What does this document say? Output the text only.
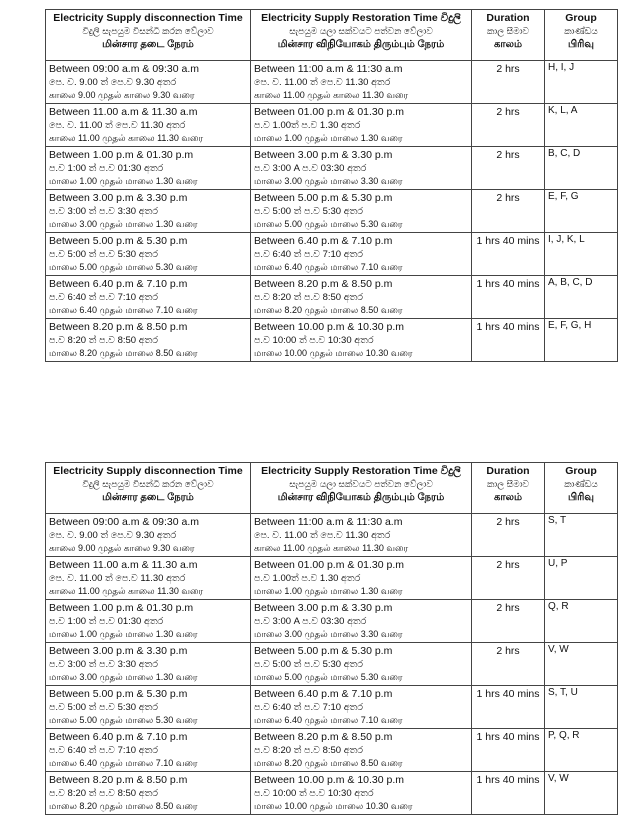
Electricity Supply disconnection Time
විදුලි සැපයුම විසන්ධි කරන වේලාව
மின்சார தடை நேரம்	Electricity Supply Restoration Time විදුලි
සැපයුම යලා සක්වයට පත්වන වේලාව
மின்சார விநியோகம் திரும்பும் நேரம்	Duration
කාල සීමාව
காலம்	Group
කාණ්ඩය
பிரிவு

Between 09:00 a.m & 09:30 a.m
පෙ. ව. 9.00 ත් පෙ.ව 9.30 අතර
காலை 9.00 முதல் காலை 9.30 வரை	Between 11:00 a.m & 11:30 a.m
පෙ. ව. 11.00 ත් පෙ.ව 11.30 අතර
காலை 11.00 முதல் காலை 11.30 வரை	2 hrs	H, I, J

Between 11.00 a.m & 11.30 a.m
පෙ. ව. 11.00 ත් පෙ.ව 11.30 අතර
காலை 11.00 முதல் காலை 11.30 வரை	Between 01.00 p.m & 01.30 p.m
ප.ව 1.00ත් ප.ව 1.30 අතර
மாலை 1.00 முதல் மாலை 1.30 வரை	2 hrs	K, L, A

Between 1.00 p.m & 01.30 p.m
ප.ව 1:00 ත් ප.ව 01:30 අතර
மாலை 1.00 முதல் மாலை 1.30 வரை	Between 3.00 p.m & 3.30 p.m
ප.ව 3:00 A ප.ව 03:30 අතර
மாலை 3.00 முதல் மாலை 3.30 வரை	2 hrs	B, C, D

Between 3.00 p.m & 3.30 p.m
ප.ව 3:00 ත් ප.ව 3:30 අතර
மாலை 3.00 முதல் மாலை 1.30 வரை	Between 5.00 p.m & 5.30 p.m
ප.ව 5:00 ත් ප.ව 5:30 අතර
மாலை 5.00 முதல் மாலை 5.30 வரை	2 hrs	E, F, G

Between 5.00 p.m & 5.30 p.m
ප.ව 5:00 ත් ප.ව 5:30 අතර
மாலை 5.00 முதல் மாலை 5.30 வரை	Between 6.40 p.m & 7.10 p.m
ප.ව 6:40 ත් ප.ව 7:10 අතර
மாலை 6.40 முதல் மாலை 7.10 வரை	1 hrs 40 mins	I, J, K, L

Between 6.40 p.m & 7.10 p.m
ප.ව 6:40 ත් ප.ව 7:10 අතර
மாலை 6.40 முதல் மாலை 7.10 வரை	Between 8.20 p.m & 8.50 p.m
ප.ව 8:20 ත් ප.ව 8:50 අතර
மாலை 8.20 முதல் மாலை 8.50 வரை	1 hrs 40 mins	A, B, C, D

Between 8.20 p.m & 8.50 p.m
ප.ව 8:20 ත් ප.ව 8:50 අතර
மாலை 8.20 முதல் மாலை 8.50 வரை	Between 10.00 p.m & 10.30 p.m
ප.ව 10:00 ත් ප.ව 10:30 අතර
மாலை 10.00 முதல் மாலை 10.30 வரை	1 hrs 40 mins	E, F, G, H
Electricity Supply disconnection Time
විදුලි සැපයුම විසන්ධි කරන වේලාව
மின்சார தடை நேரம்	Electricity Supply Restoration Time විදුලි
සැපයුම යලා සක්වයට පත්වන වේලාව
மின்சார விநியோகம் திரும்பும் நேரம்	Duration
කාල සීමාව
காலம்	Group
කාණ්ඩය
பிரிவு

Between 09:00 a.m & 09:30 a.m
පෙ. ව. 9.00 ත් පෙ.ව 9.30 අතර
காலை 9.00 முதல் காலை 9.30 வரை	Between 11:00 a.m & 11:30 a.m
පෙ. ව. 11.00 ත් පෙ.ව 11.30 අතර
காலை 11.00 முதல் காலை 11.30 வரை	2 hrs	S, T

Between 11.00 a.m & 11.30 a.m
පෙ. ව. 11.00 ත් පෙ.ව 11.30 අතර
காலை 11.00 முதல் காலை 11.30 வரை	Between 01.00 p.m & 01.30 p.m
ප.ව 1.00ත් ප.ව 1.30 අතර
மாலை 1.00 முதல் மாலை 1.30 வரை	2 hrs	U, P

Between 1.00 p.m & 01.30 p.m
ප.ව 1:00 ත් ප.ව 01:30 අතර
மாலை 1.00 முதல் மாலை 1.30 வரை	Between 3.00 p.m & 3.30 p.m
ප.ව 3:00 A ප.ව 03:30 අතර
மாலை 3.00 முதல் மாலை 3.30 வரை	2 hrs	Q, R

Between 3.00 p.m & 3.30 p.m
ප.ව 3:00 ත් ප.ව 3:30 අතර
மாலை 3.00 முதல் மாலை 1.30 வரை	Between 5.00 p.m & 5.30 p.m
ප.ව 5:00 ත් ප.ව 5:30 අතර
மாலை 5.00 முதல் மாலை 5.30 வரை	2 hrs	V, W

Between 5.00 p.m & 5.30 p.m
ප.ව 5:00 ත් ප.ව 5:30 අතර
மாலை 5.00 முதல் மாலை 5.30 வரை	Between 6.40 p.m & 7.10 p.m
ප.ව 6:40 ත් ප.ව 7:10 අතර
மாலை 6.40 முதல் மாலை 7.10 வரை	1 hrs 40 mins	S, T, U

Between 6.40 p.m & 7.10 p.m
ප.ව 6:40 ත් ප.ව 7:10 අතර
மாலை 6.40 முதல் மாலை 7.10 வரை	Between 8.20 p.m & 8.50 p.m
ප.ව 8:20 ත් ප.ව 8:50 අතර
மாலை 8.20 முதல் மாலை 8.50 வரை	1 hrs 40 mins	P, Q, R

Between 8.20 p.m & 8.50 p.m
ප.ව 8:20 ත් ප.ව 8:50 අතර
மாலை 8.20 முதல் மாலை 8.50 வரை	Between 10.00 p.m & 10.30 p.m
ප.ව 10:00 ත් ප.ව 10:30 අතර
மாலை 10.00 முதல் மாலை 10.30 வரை	1 hrs 40 mins	V, W
